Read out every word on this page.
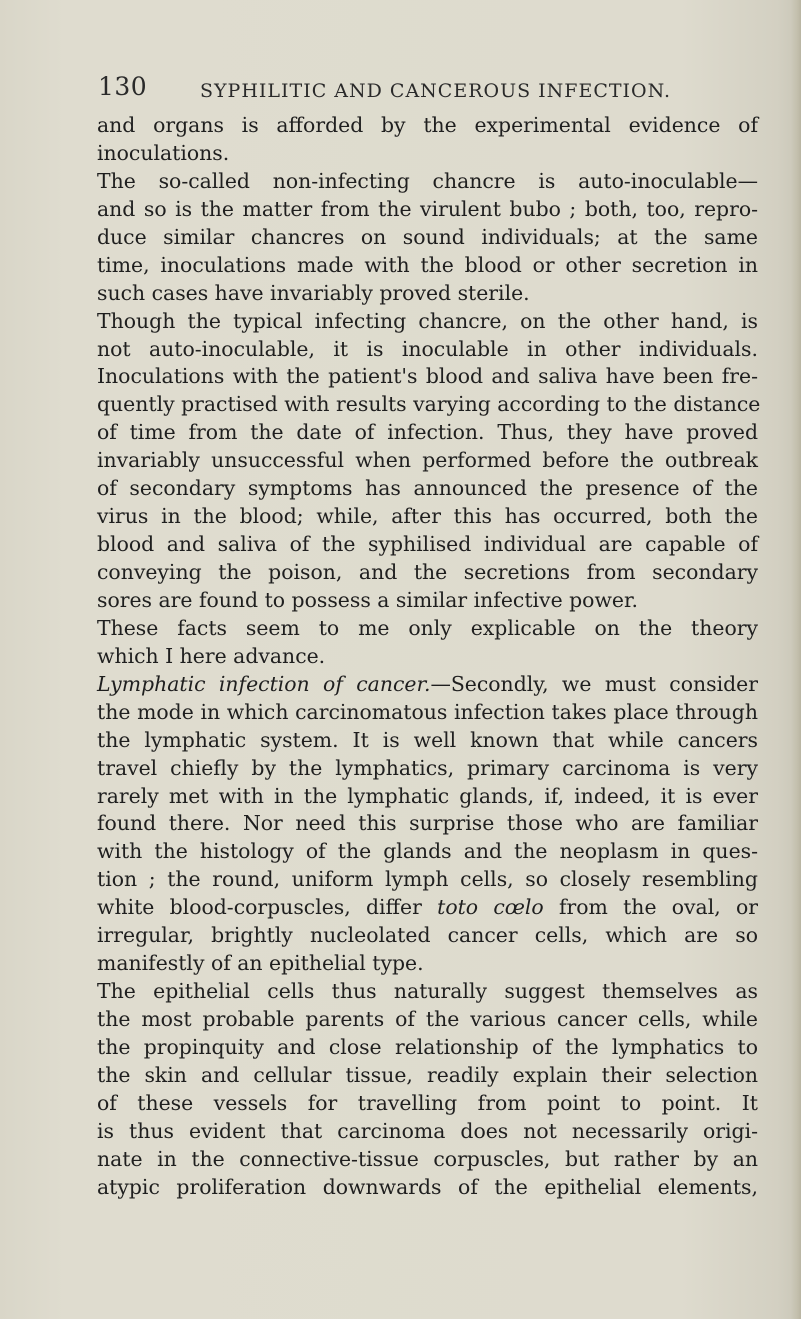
130	SYPHILITIC AND CANCEROUS INFECTION.
and organs is afforded by the experimental evidence of
inoculations.
The so-called non-infecting chancre is auto-inoculable—
and so is the matter from the virulent bubo ; both, too, repro-
duce similar chancres on sound individuals; at the same
time, inoculations made with the blood or other secretion in
such cases have invariably proved sterile.
Though the typical infecting chancre, on the other hand, is
not auto-inoculable, it is inoculable in other individuals.
Inoculations with the patient's blood and saliva have been fre-
quently practised with results varying according to the distance
of time from the date of infection. Thus, they have proved
invariably unsuccessful when performed before the outbreak
of secondary symptoms has announced the presence of the
virus in the blood; while, after this has occurred, both the
blood and saliva of the syphilised individual are capable of
conveying the poison, and the secretions from secondary
sores are found to possess a similar infective power.
These facts seem to me only explicable on the theory
which I here advance.
Lymphatic infection of cancer.—Secondly, we must consider
the mode in which carcinomatous infection takes place through
the lymphatic system. It is well known that while cancers
travel chiefly by the lymphatics, primary carcinoma is very
rarely met with in the lymphatic glands, if, indeed, it is ever
found there. Nor need this surprise those who are familiar
with the histology of the glands and the neoplasm in ques-
tion ; the round, uniform lymph cells, so closely resembling
white blood-corpuscles, differ toto cœlo from the oval, or
irregular, brightly nucleolated cancer cells, which are so
manifestly of an epithelial type.
The epithelial cells thus naturally suggest themselves as
the most probable parents of the various cancer cells, while
the propinquity and close relationship of the lymphatics to
the skin and cellular tissue, readily explain their selection
of these vessels for travelling from point to point. It
is thus evident that carcinoma does not necessarily origi-
nate in the connective-tissue corpuscles, but rather by an
atypic proliferation downwards of the epithelial elements,
